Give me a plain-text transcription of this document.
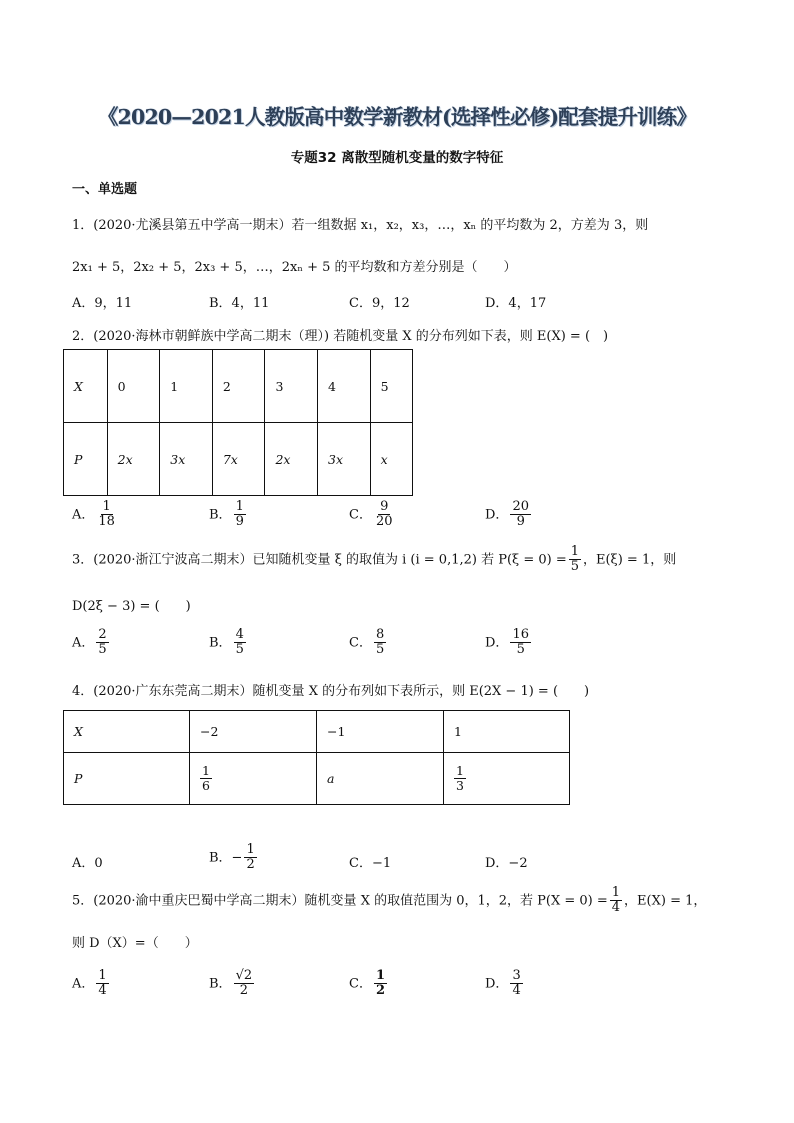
《2020—2021人教版高中数学新教材(选择性必修)配套提升训练》
专题32 离散型随机变量的数字特征
一、单选题
1．(2020·尤溪县第五中学高一期末）若一组数据 x₁，x₂，x₃，…，xₙ 的平均数为 2，方差为 3，则
2x₁ + 5，2x₂ + 5，2x₃ + 5，…，2xₙ + 5 的平均数和方差分别是（　　）
A．9，11	B．4，11	C．9，12	D．4，17
2．(2020·海林市朝鲜族中学高二期末（理）) 若随机变量 X 的分布列如下表，则 E(X) = (　)
X	0	1	2	3	4	5
P	2x	3x	7x	2x	3x	x
A． $\frac{1}{18}$	B． $\frac{1}{9}$	C． $\frac{9}{20}$	D． $\frac{20}{9}$
3．(2020·浙江宁波高二期末）已知随机变量 ξ 的取值为 i (i = 0,1,2) 若 $P(\xi = 0) = \frac{1}{5}$ ，E(ξ) = 1，则
D(2ξ − 3) = (　　)
A． $\frac{2}{5}$	B． $\frac{4}{5}$	C． $\frac{8}{5}$	D． $\frac{16}{5}$
4．(2020·广东东莞高二期末）随机变量 X 的分布列如下表所示，则 E(2X − 1) = (　　)
X	−2	−1	1
P	$\frac{1}{6}$	a	$\frac{1}{3}$
A．0	B．− $\frac{1}{2}$	C．−1	D．−2
5．(2020·渝中重庆巴蜀中学高二期末）随机变量 X 的取值范围为 0，1，2，若 $P(X = 0) = \frac{1}{4}$ ，E(X) = 1，
则 D（X）=（　　）
A． $\frac{1}{4}$	B． $\frac{√2}{2}$	C． $\frac{1}{2}$	D． $\frac{3}{4}$
